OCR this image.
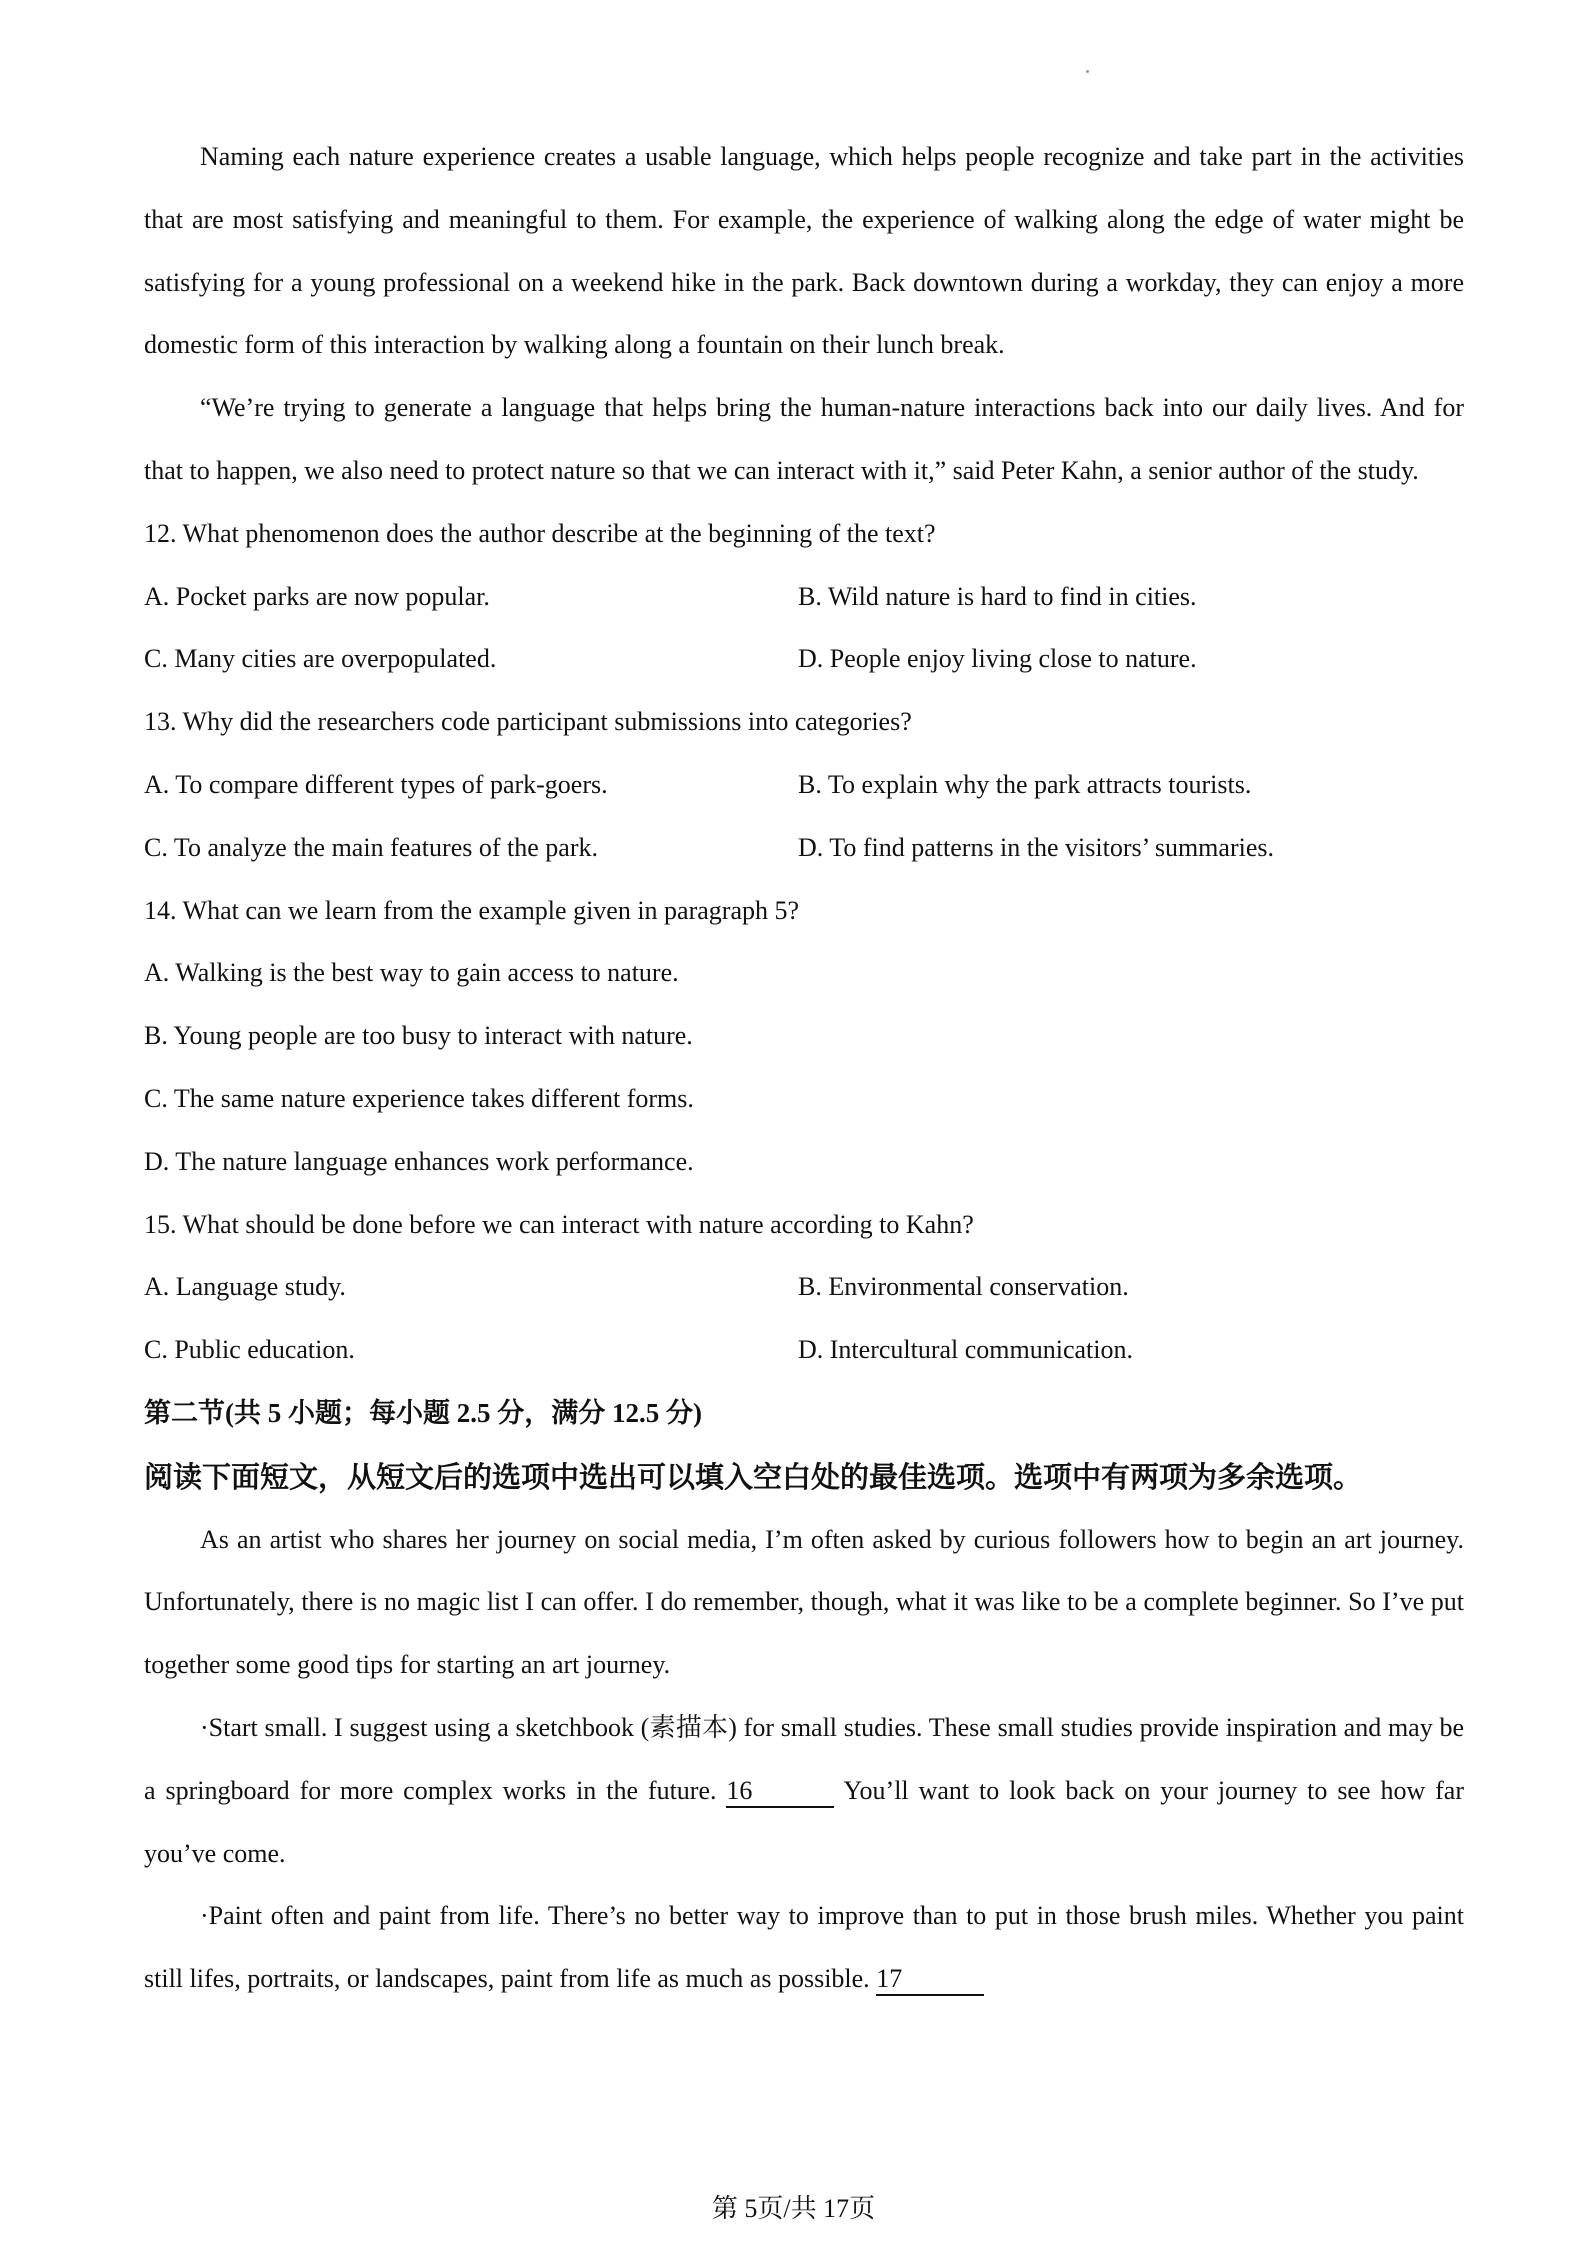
Naming each nature experience creates a usable language, which helps people recognize and take part in the activities that are most satisfying and meaningful to them. For example, the experience of walking along the edge of water might be satisfying for a young professional on a weekend hike in the park. Back downtown during a workday, they can enjoy a more domestic form of this interaction by walking along a fountain on their lunch break.

“We’re trying to generate a language that helps bring the human-nature interactions back into our daily lives. And for that to happen, we also need to protect nature so that we can interact with it,” said Peter Kahn, a senior author of the study.

12. What phenomenon does the author describe at the beginning of the text?

A. Pocket parks are now popular.	B. Wild nature is hard to find in cities.
C. Many cities are overpopulated.	D. People enjoy living close to nature.

13. Why did the researchers code participant submissions into categories?

A. To compare different types of park-goers.	B. To explain why the park attracts tourists.
C. To analyze the main features of the park.	D. To find patterns in the visitors’ summaries.

14. What can we learn from the example given in paragraph 5?

A. Walking is the best way to gain access to nature.

B. Young people are too busy to interact with nature.

C. The same nature experience takes different forms.

D. The nature language enhances work performance.

15. What should be done before we can interact with nature according to Kahn?

A. Language study.	B. Environmental conservation.
C. Public education.	D. Intercultural communication.

第二节(共 5 小题；每小题 2.5 分，满分 12.5 分)

阅读下面短文，从短文后的选项中选出可以填入空白处的最佳选项。选项中有两项为多余选项。

As an artist who shares her journey on social media, I’m often asked by curious followers how to begin an art journey. Unfortunately, there is no magic list I can offer. I do remember, though, what it was like to be a complete beginner. So I’ve put together some good tips for starting an art journey.

·Start small. I suggest using a sketchbook (素描本) for small studies. These small studies provide inspiration and may be a springboard for more complex works in the future. 16	You’ll want to look back on your journey to see how far you’ve come.

·Paint often and paint from life. There’s no better way to improve than to put in those brush miles. Whether you paint still lifes, portraits, or landscapes, paint from life as much as possible. 17

第 5页/共 17页
